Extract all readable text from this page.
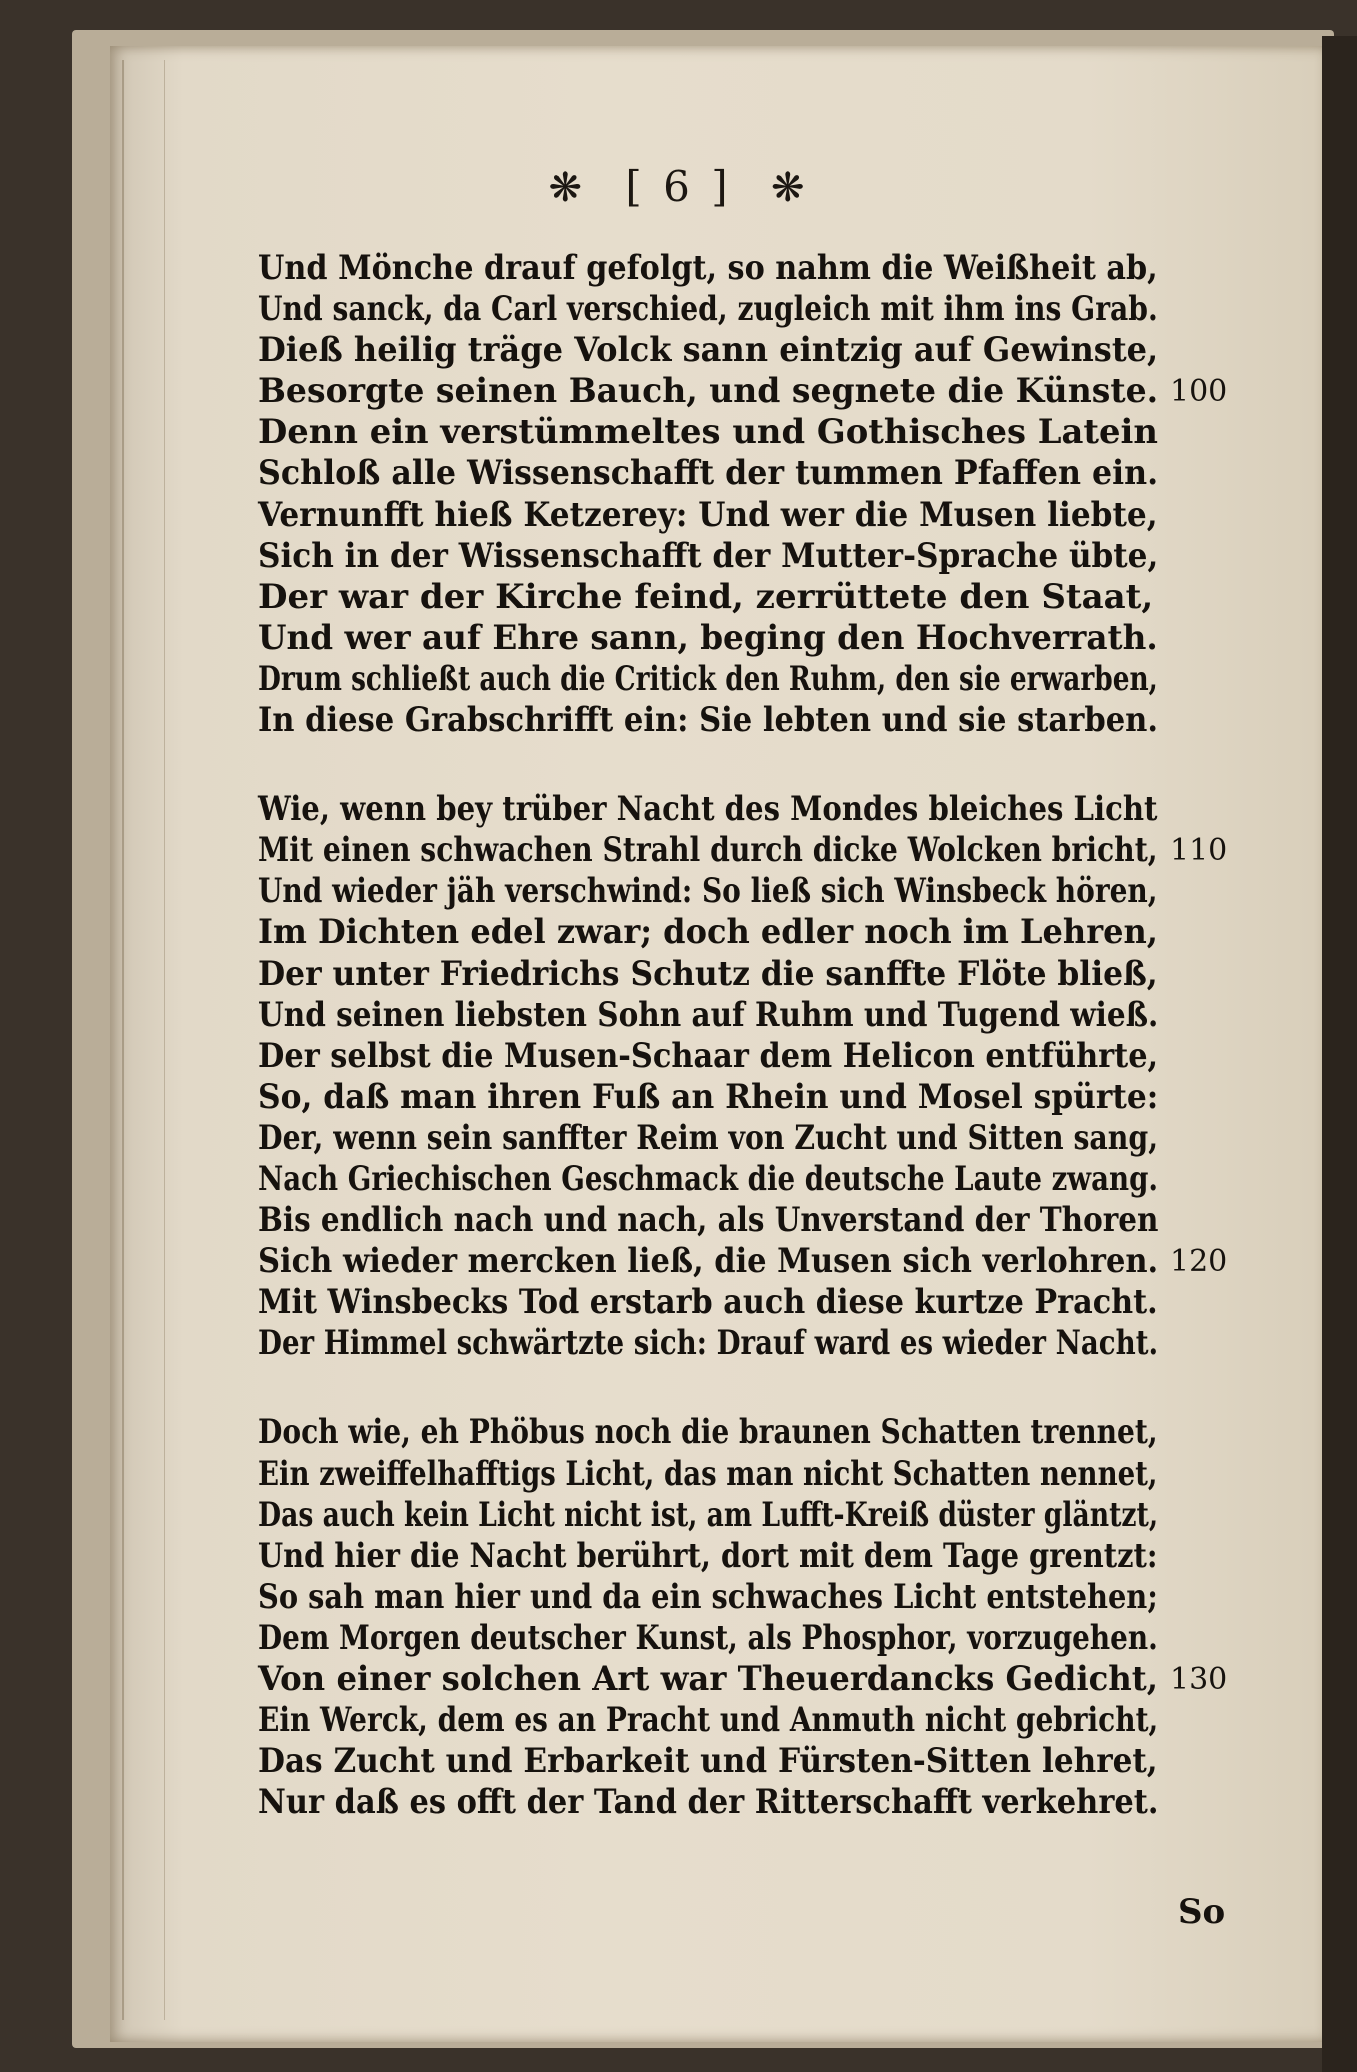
❋ [ 6 ] ❋
Und Mönche drauf gefolgt, so nahm die Weißheit ab,
Und sanck, da Carl verschied, zugleich mit ihm ins Grab.
Dieß heilig träge Volck sann eintzig auf Gewinste,
Besorgte seinen Bauch, und segnete die Künste. 100
Denn ein verstümmeltes und Gothisches Latein
Schloß alle Wissenschafft der tummen Pfaffen ein.
Vernunfft hieß Ketzerey: Und wer die Musen liebte,
Sich in der Wissenschafft der Mutter-Sprache übte,
Der war der Kirche feind, zerrüttete den Staat,
Und wer auf Ehre sann, beging den Hochverrath.
Drum schließt auch die Critick den Ruhm, den sie erwarben,
In diese Grabschrifft ein: Sie lebten und sie starben.
Wie, wenn bey trüber Nacht des Mondes bleiches Licht
Mit einen schwachen Strahl durch dicke Wolcken bricht, 110
Und wieder jäh verschwind: So ließ sich Winsbeck hören,
Im Dichten edel zwar; doch edler noch im Lehren,
Der unter Friedrichs Schutz die sanffte Flöte bließ,
Und seinen liebsten Sohn auf Ruhm und Tugend wieß.
Der selbst die Musen-Schaar dem Helicon entführte,
So, daß man ihren Fuß an Rhein und Mosel spürte:
Der, wenn sein sanffter Reim von Zucht und Sitten sang,
Nach Griechischen Geschmack die deutsche Laute zwang.
Bis endlich nach und nach, als Unverstand der Thoren
Sich wieder mercken ließ, die Musen sich verlohren. 120
Mit Winsbecks Tod erstarb auch diese kurtze Pracht.
Der Himmel schwärtzte sich: Drauf ward es wieder Nacht.
Doch wie, eh Phöbus noch die braunen Schatten trennet,
Ein zweiffelhafftigs Licht, das man nicht Schatten nennet,
Das auch kein Licht nicht ist, am Lufft-Kreiß düster gläntzt,
Und hier die Nacht berührt, dort mit dem Tage grentzt:
So sah man hier und da ein schwaches Licht entstehen;
Dem Morgen deutscher Kunst, als Phosphor, vorzugehen.
Von einer solchen Art war Theuerdancks Gedicht, 130
Ein Werck, dem es an Pracht und Anmuth nicht gebricht,
Das Zucht und Erbarkeit und Fürsten-Sitten lehret,
Nur daß es offt der Tand der Ritterschafft verkehret.
So
